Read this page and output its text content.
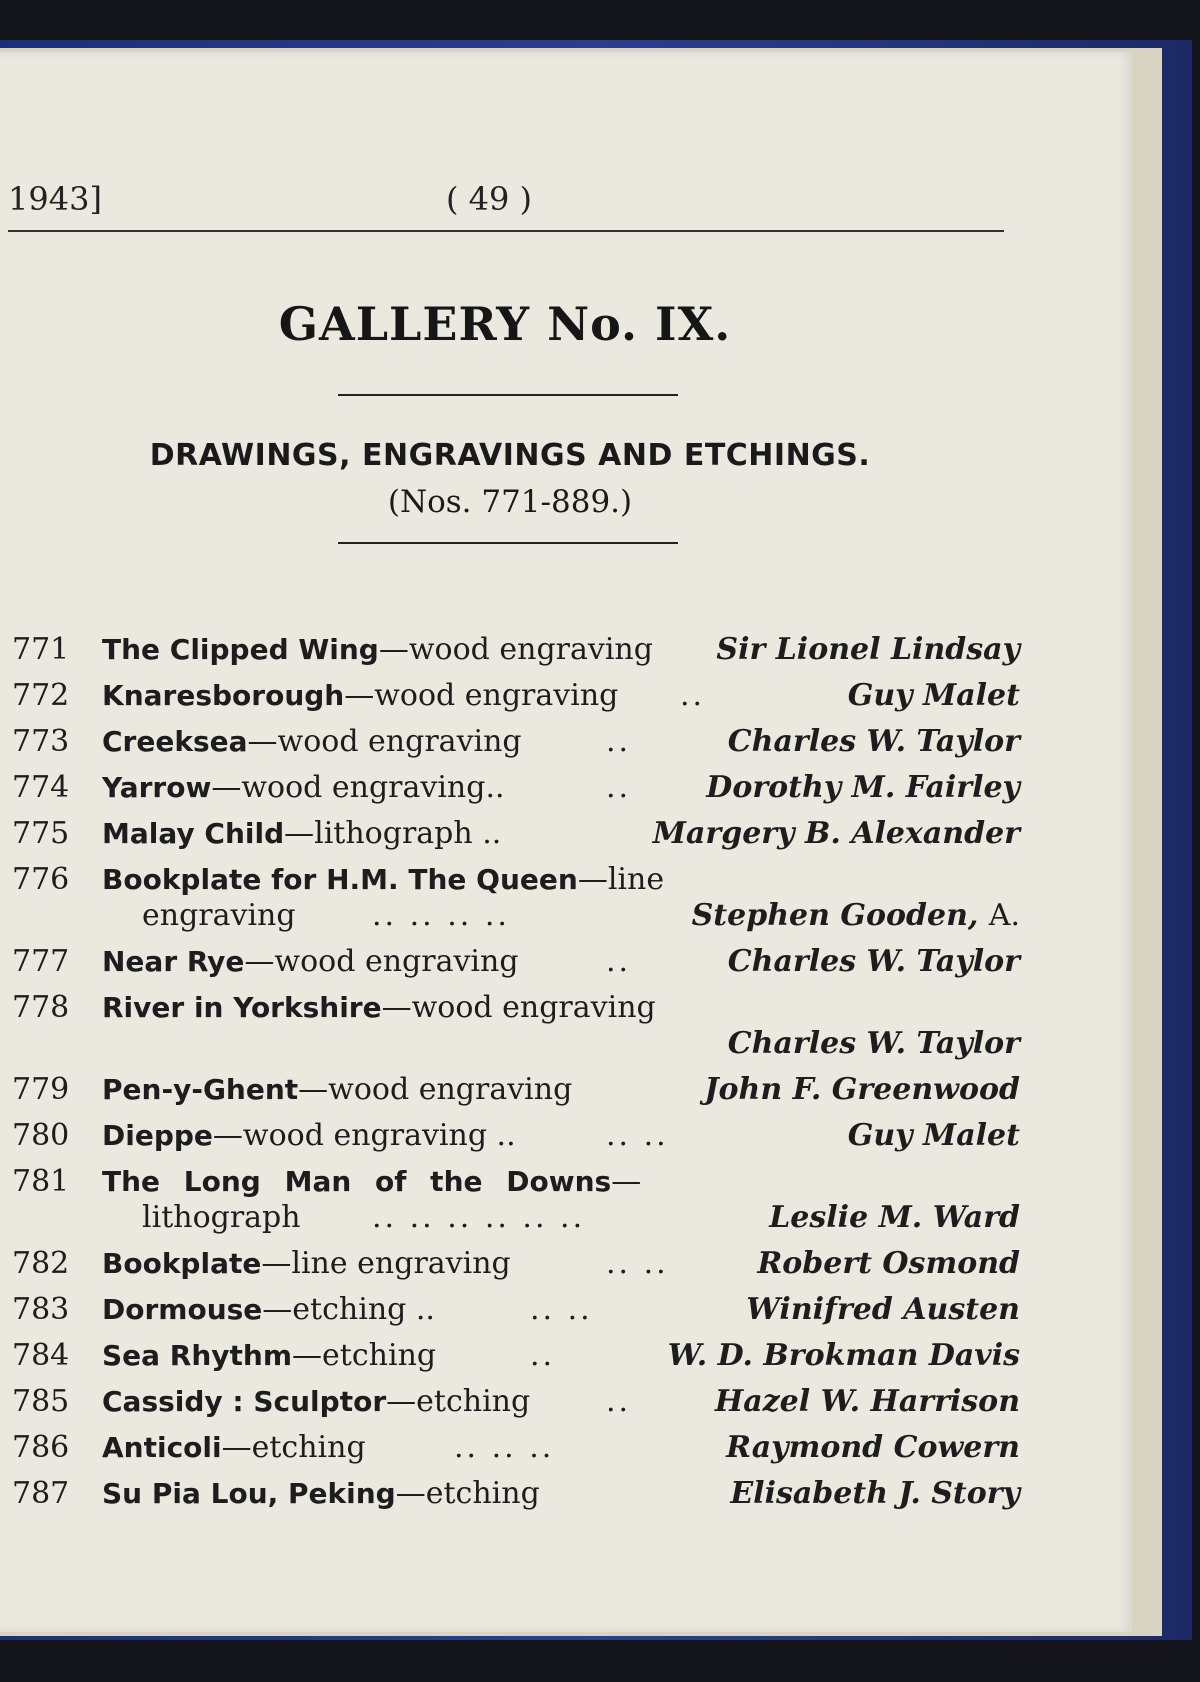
1943]	( 49 )
GALLERY No. IX.
DRAWINGS, ENGRAVINGS AND ETCHINGS.
(Nos. 771-889.)
771 The Clipped Wing—wood engraving Sir Lionel Lindsay
772 Knaresborough—wood engraving ..	Guy Malet
773 Creeksea—wood engraving	..	Charles W. Taylor
774 Yarrow—wood engraving..	..	Dorothy M. Fairley
775 Malay Child—lithograph ..	Margery B. Alexander
776 Bookplate for H.M. The Queen—line
engraving	.. .. .. ..	Stephen Gooden, A.
777 Near Rye—wood engraving	..	Charles W. Taylor
778 River in Yorkshire—wood engraving
Charles W. Taylor
779 Pen-y-Ghent—wood engraving	John F. Greenwood
780 Dieppe—wood engraving ..	.. ..	Guy Malet
781 The Long Man of the Downs—
lithograph .. .. .. .. .. ..	Leslie M. Ward
782 Bookplate—line engraving	.. ..	Robert Osmond
783 Dormouse—etching ..	.. ..	Winifred Austen
784 Sea Rhythm—etching	..	W. D. Brokman Davis
785 Cassidy : Sculptor—etching	..	Hazel W. Harrison
786 Anticoli—etching	.. .. ..	Raymond Cowern
787 Su Pia Lou, Peking—etching	Elisabeth J. Story
